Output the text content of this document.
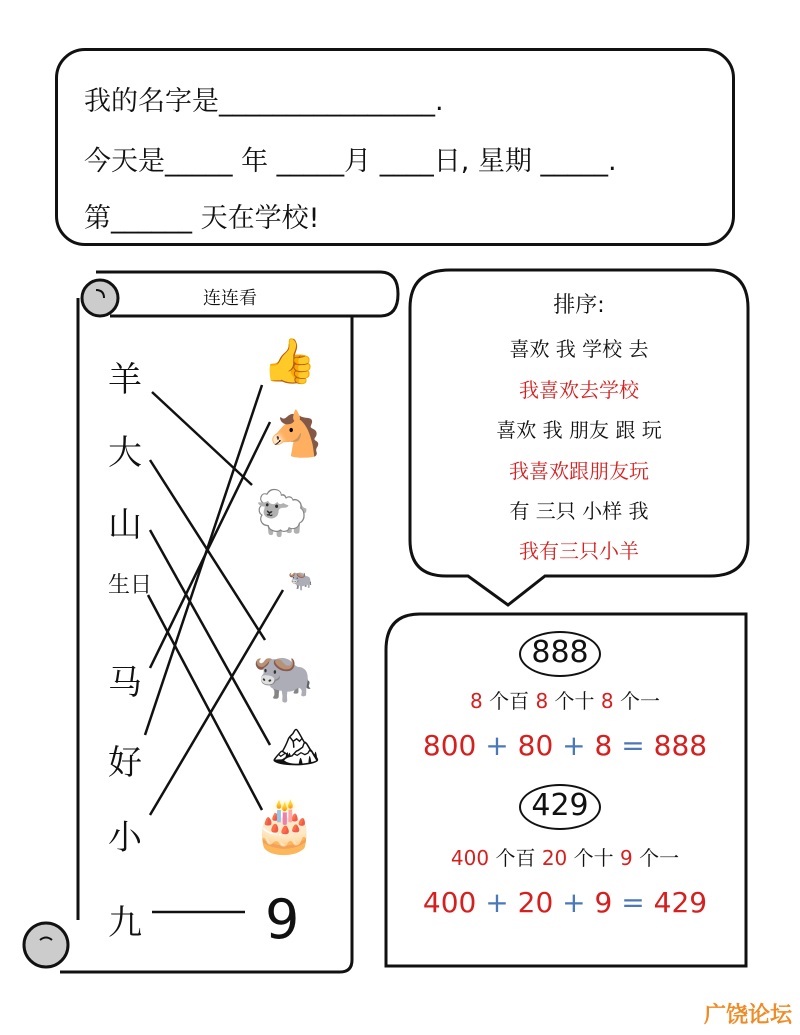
我的名字是________________.
今天是_____ 年 _____月 ____日, 星期 _____.
第______ 天在学校!
连连看
羊
大
山
生日
马
好
小
九
👍
🐴
🐑
🐃
🐃
🏔
🎂
9
排序:
喜欢 我 学校 去
我喜欢去学校
喜欢 我 朋友 跟 玩
我喜欢跟朋友玩
有 三只 小样 我
我有三只小羊
888
8 个百 8 个十 8 个一
800 + 80 + 8 = 888
429
400 个百 20 个十 9 个一
400 + 20 + 9 = 429
广饶论坛
